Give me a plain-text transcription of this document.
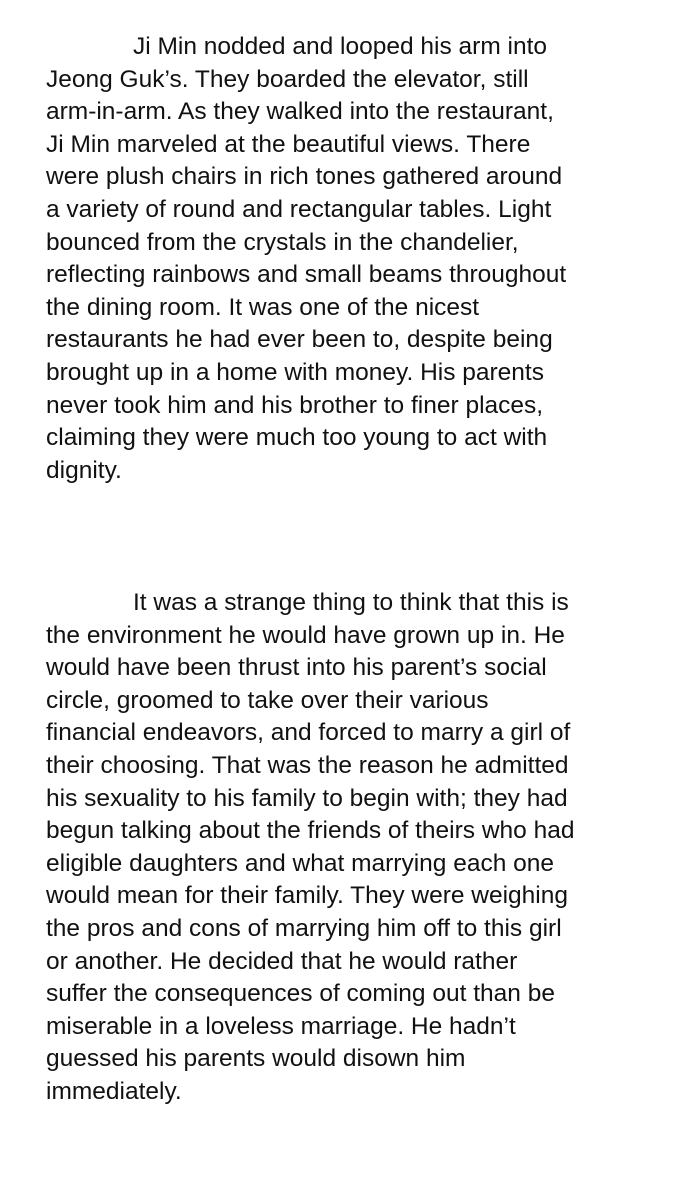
Ji Min nodded and looped his arm into
Jeong Guk’s. They boarded the elevator, still
arm-in-arm. As they walked into the restaurant,
Ji Min marveled at the beautiful views. There
were plush chairs in rich tones gathered around
a variety of round and rectangular tables. Light
bounced from the crystals in the chandelier,
reflecting rainbows and small beams throughout
the dining room. It was one of the nicest
restaurants he had ever been to, despite being
brought up in a home with money. His parents
never took him and his brother to finer places,
claiming they were much too young to act with
dignity.
It was a strange thing to think that this is
the environment he would have grown up in. He
would have been thrust into his parent’s social
circle, groomed to take over their various
financial endeavors, and forced to marry a girl of
their choosing. That was the reason he admitted
his sexuality to his family to begin with; they had
begun talking about the friends of theirs who had
eligible daughters and what marrying each one
would mean for their family. They were weighing
the pros and cons of marrying him off to this girl
or another. He decided that he would rather
suffer the consequences of coming out than be
miserable in a loveless marriage. He hadn’t
guessed his parents would disown him
immediately.
